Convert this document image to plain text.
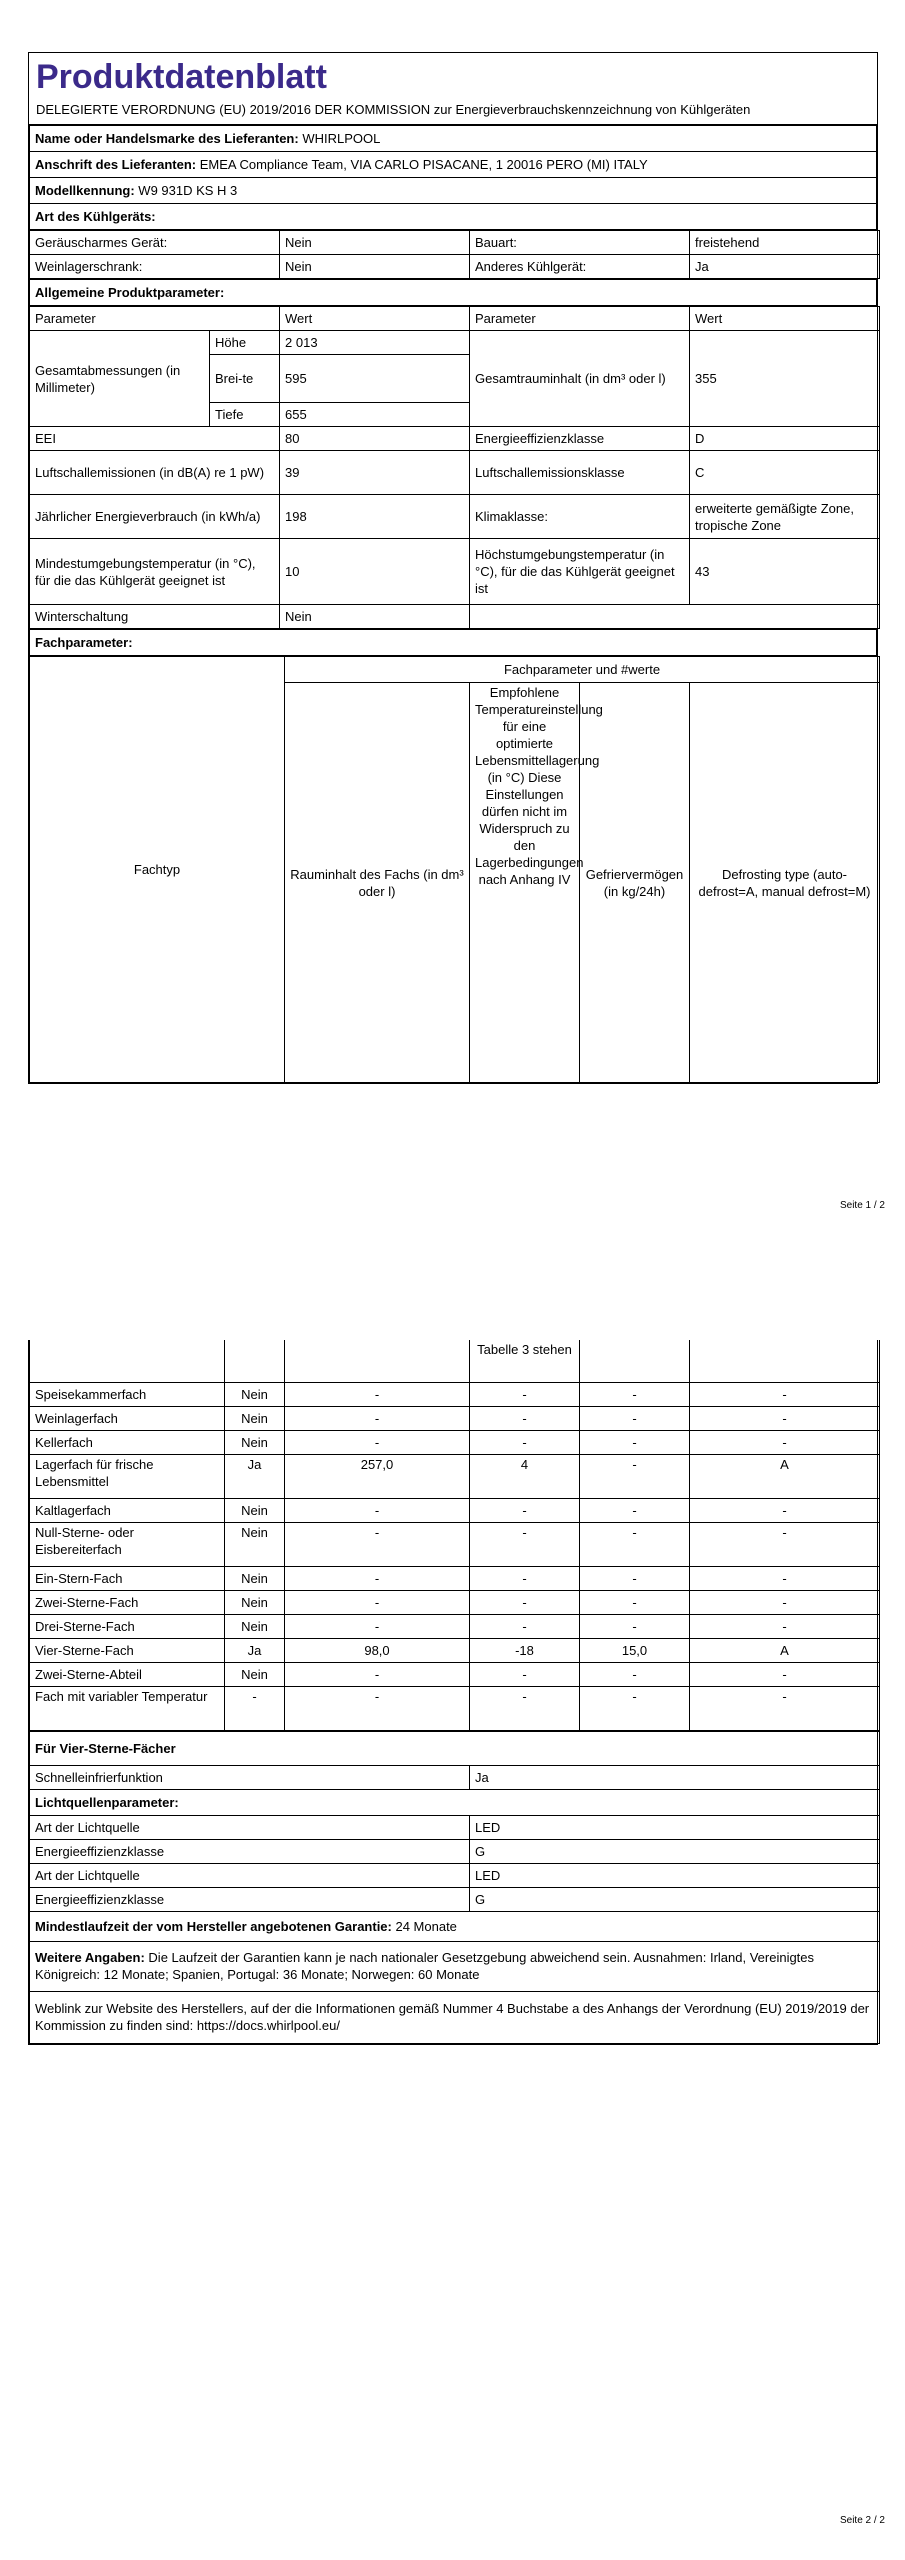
Produktdatenblatt
DELEGIERTE VERORDNUNG (EU) 2019/2016 DER KOMMISSION zur Energieverbrauchskennzeichnung von Kühlgeräten
Name oder Handelsmarke des Lieferanten: WHIRLPOOL
Anschrift des Lieferanten: EMEA Compliance Team, VIA CARLO PISACANE, 1 20016 PERO (MI) ITALY
Modellkennung: W9 931D KS H 3
Art des Kühlgeräts:
Geräuscharmes Gerät:	Nein	Bauart:	freistehend
Weinlagerschrank:	Nein	Anderes Kühlgerät:	Ja
Allgemeine Produktparameter:
Parameter		Wert	Parameter	Wert
Gesamtabmessungen (in Millimeter)	Höhe	2 013	Gesamtrauminhalt (in dm³ oder l)	355
	Brei-te	595		
	Tiefe	655		
EEI		80	Energieeffizienzklasse	D
Luftschallemissionen (in dB(A) re 1 pW)		39	Luftschallemissionsklasse	C
Jährlicher Energieverbrauch (in kWh/a)		198	Klimaklasse:	erweiterte gemäßigte Zone, tropische Zone
Mindestumgebungstemperatur (in °C), für die das Kühlgerät geeignet ist		10	Höchstumgebungstemperatur (in °C), für die das Kühlgerät geeignet ist	43
Winterschaltung		Nein		
Fachparameter:
Fachtyp	Fachparameter und #werte			
	Rauminhalt des Fachs (in dm³ oder l)	Empfohlene Temperatureinstellung für eine optimierte Lebensmittellagerung (in °C) Diese Einstellungen dürfen nicht im Widerspruch zu den Lagerbedingungen nach Anhang IV	Gefriervermögen (in kg/24h)	Defrosting type (auto-defrost=A, manual defrost=M)
Seite 1 / 2
			Tabelle 3 stehen		
Speisekammerfach	Nein	-	-	-	-
Weinlagerfach	Nein	-	-	-	-
Kellerfach	Nein	-	-	-	-
Lagerfach für frische Lebensmittel	Ja	257,0	4	-	A
Kaltlagerfach	Nein	-	-	-	-
Null-Sterne- oder Eisbereiterfach	Nein	-	-	-	-
Ein-Stern-Fach	Nein	-	-	-	-
Zwei-Sterne-Fach	Nein	-	-	-	-
Drei-Sterne-Fach	Nein	-	-	-	-
Vier-Sterne-Fach	Ja	98,0	-18	15,0	A
Zwei-Sterne-Abteil	Nein	-	-	-	-
Fach mit variabler Temperatur	-	-	-	-	-
Für Vier-Sterne-Fächer	
Schnelleinfrierfunktion	Ja
Lichtquellenparameter:	
Art der Lichtquelle	LED
Energieeffizienzklasse	G
Art der Lichtquelle	LED
Energieeffizienzklasse	G
Mindestlaufzeit der vom Hersteller angebotenen Garantie: 24 Monate	
Weitere Angaben: Die Laufzeit der Garantien kann je nach nationaler Gesetzgebung abweichend sein. Ausnahmen: Irland, Vereinigtes Königreich: 12 Monate; Spanien, Portugal: 36 Monate; Norwegen: 60 Monate	
Weblink zur Website des Herstellers, auf der die Informationen gemäß Nummer 4 Buchstabe a des Anhangs der Verordnung (EU) 2019/2019 der Kommission zu finden sind: https://docs.whirlpool.eu/	
Seite 2 / 2
